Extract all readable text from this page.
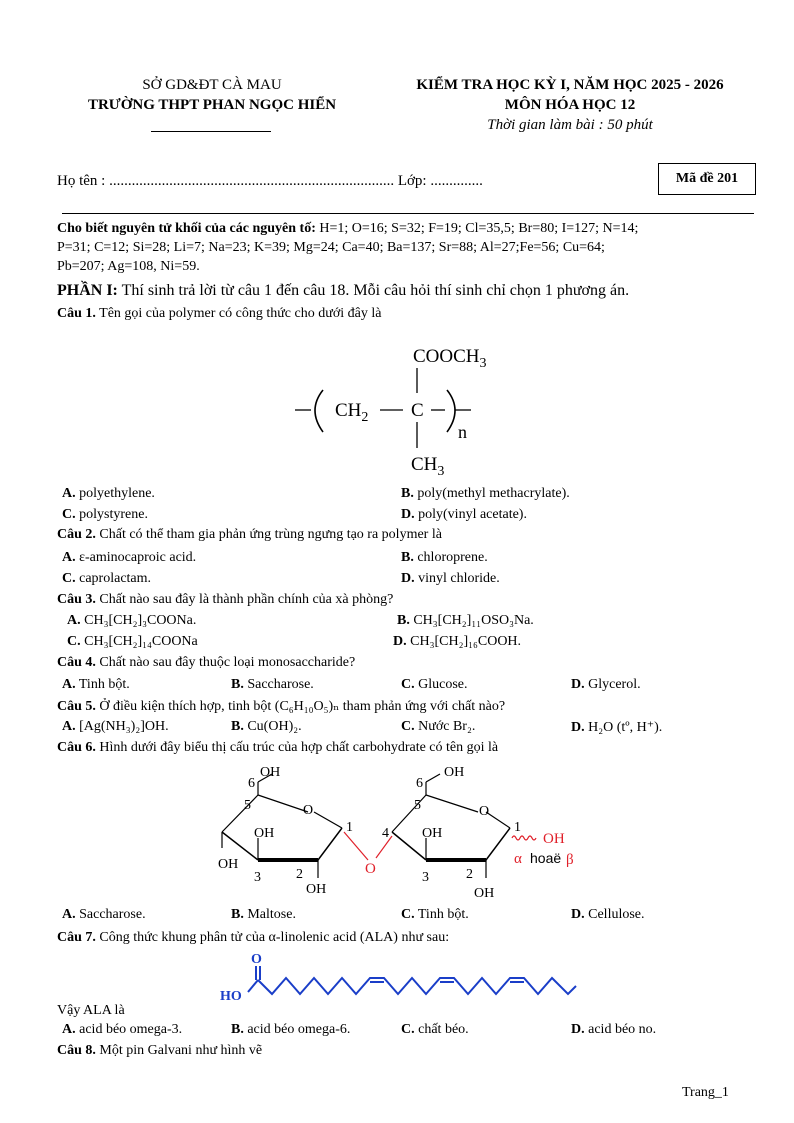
SỞ GD&ĐT CÀ MAU
TRƯỜNG THPT PHAN NGỌC HIỂN
KIỂM TRA HỌC KỲ I, NĂM HỌC 2025 - 2026
MÔN HÓA HỌC 12
Thời gian làm bài : 50 phút
Họ tên : ............................................................................ Lớp: ..............	Mã đề 201
Cho biết nguyên tử khối của các nguyên tố: H=1; O=16; S=32; F=19; Cl=35,5; Br=80; I=127; N=14;
P=31; C=12; Si=28; Li=7; Na=23; K=39; Mg=24; Ca=40; Ba=137; Sr=88; Al=27;Fe=56; Cu=64;
Pb=207; Ag=108, Ni=59.
PHẦN I: Thí sinh trả lời từ câu 1 đến câu 18. Mỗi câu hỏi thí sinh chỉ chọn 1 phương án.
Câu 1. Tên gọi của polymer có công thức cho dưới đây là
$COOCH_3$
$CH_2$ C
n
$CH_3$
A. polyethylene.	B. poly(methyl methacrylate).
C. polystyrene.	D. poly(vinyl acetate).
Câu 2. Chất có thể tham gia phản ứng trùng ngưng tạo ra polymer là
A. ε-aminocaproic acid.	B. chloroprene.
C. caprolactam.	D. vinyl chloride.
Câu 3. Chất nào sau đây là thành phần chính của xà phòng?
A. CH₃[CH₂]₃COONa.	B. CH₃[CH₂]₁₁OSO₃Na.
C. CH₃[CH₂]₁₄COONa	D. CH₃[CH₂]₁₆COOH.
Câu 4. Chất nào sau đây thuộc loại monosaccharide?
A. Tinh bột.	B. Saccharose.	C. Glucose.	D. Glycerol.
Câu 5. Ở điều kiện thích hợp, tinh bột (C₆H₁₀O₅)ₙ tham phản ứng với chất nào?
A. [Ag(NH₃)₂]OH.	B. Cu(OH)₂.	C. Nước Br₂.	D. H₂O (tº, H⁺).
Câu 6. Hình dưới đây biểu thị cấu trúc của hợp chất carbohydrate có tên gọi là
OH
6
5	O
1
OH
OH
3	2
OH
O
4
OH
6
5	O
1
OH
3	2
OH
OH
α hoaë β
A. Saccharose.	B. Maltose.	C. Tinh bột.	D. Cellulose.
Câu 7. Công thức khung phân tử của α-linolenic acid (ALA) như sau:
O
HO
Vậy ALA là
A. acid béo omega-3.	B. acid béo omega-6.	C. chất béo.	D. acid béo no.
Câu 8. Một pin Galvani như hình vẽ
Trang_1
